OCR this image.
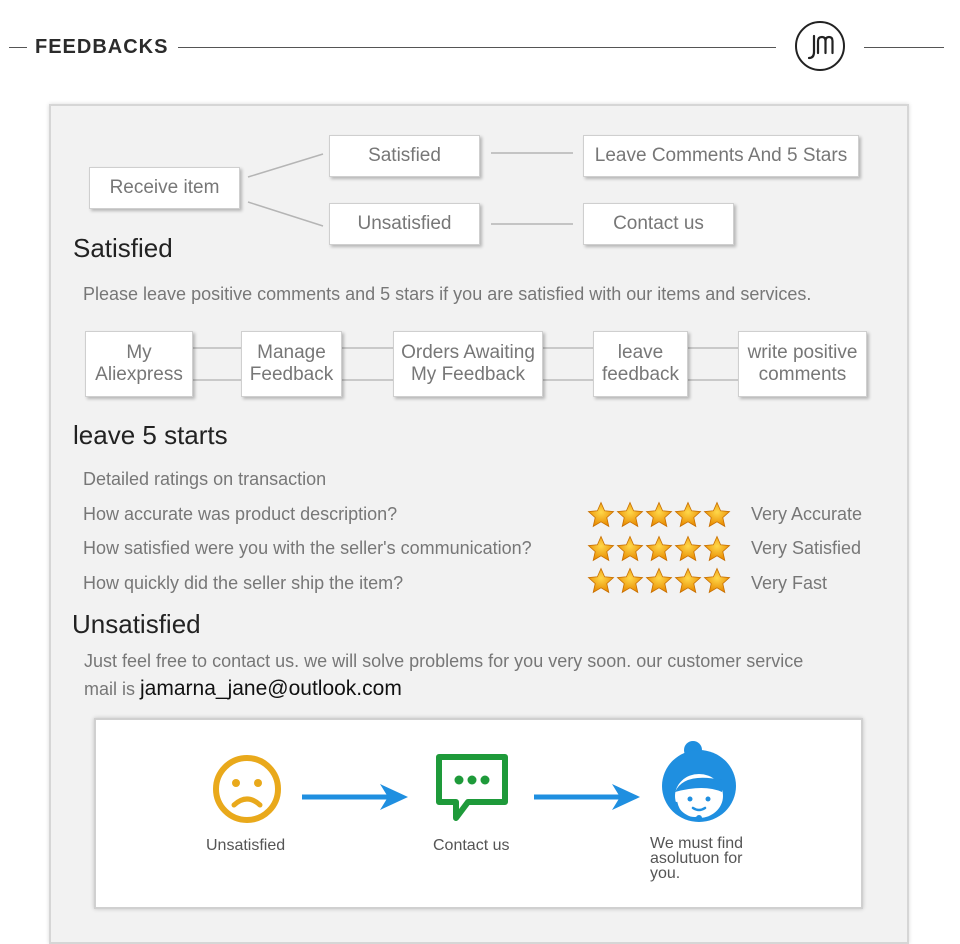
FEEDBACKS
Receive item
Satisfied
Unsatisfied
Leave Comments And 5 Stars
Contact us
Satisfied
Please leave positive comments and 5 stars if you are satisfied with our items and services.
My
Aliexpress
Manage
Feedback
Orders Awaiting
My Feedback
leave
feedback
write positive
comments
leave 5 starts
Detailed ratings on transaction
How accurate was product description?	Very Accurate
How satisfied were you with the seller's communication?	Very Satisfied
How quickly did the seller ship the item?	Very Fast
Unsatisfied
Just feel free to contact us. we will solve problems for you very soon. our customer service
mail is jamarna_jane@outlook.com
Unsatisfied	Contact us	We must find
asolutuon for
you.
